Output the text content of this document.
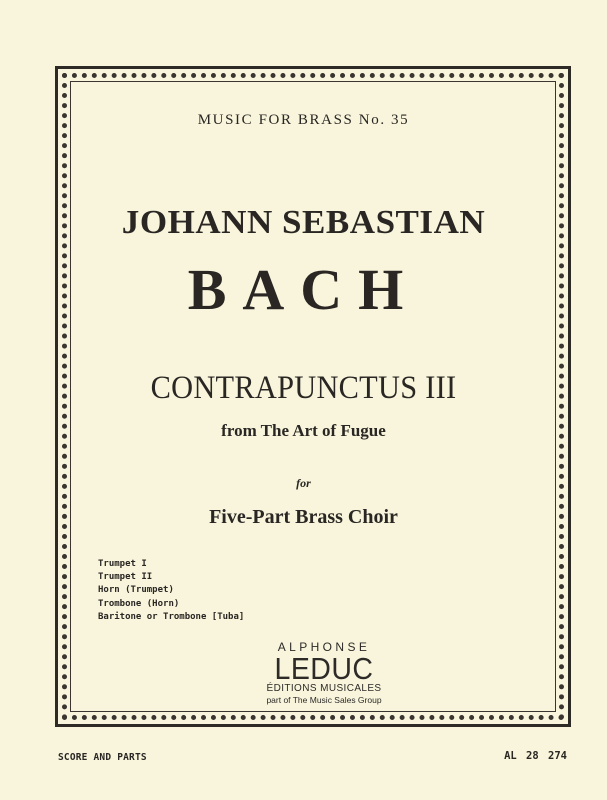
MUSIC FOR BRASS No. 35

JOHANN SEBASTIAN

BACH

CONTRAPUNCTUS III

from The Art of Fugue

for

Five-Part Brass Choir

Trumpet I
Trumpet II
Horn (Trumpet)
Trombone (Horn)
Baritone or Trombone [Tuba]
ALPHONSE
LEDUC
ÉDITIONS MUSICALES
part of The Music Sales Group
SCORE AND PARTS	AL 28 274
